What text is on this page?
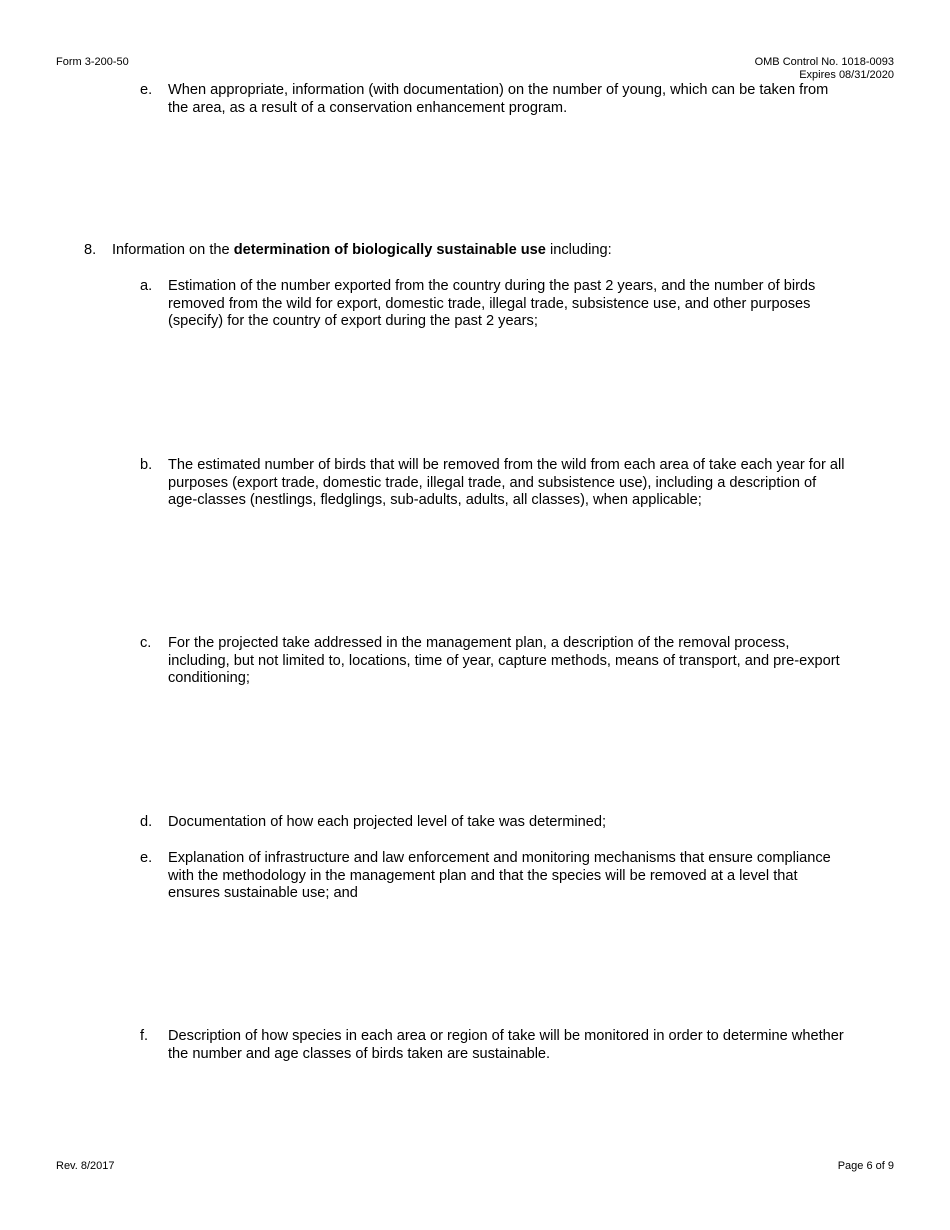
Form 3-200-50	OMB Control No. 1018-0093
Expires 08/31/2020
e. When appropriate, information (with documentation) on the number of young, which can be taken from the area, as a result of a conservation enhancement program.
8. Information on the determination of biologically sustainable use including:
a. Estimation of the number exported from the country during the past 2 years, and the number of birds removed from the wild for export, domestic trade, illegal trade, subsistence use, and other purposes (specify) for the country of export during the past 2 years;
b. The estimated number of birds that will be removed from the wild from each area of take each year for all purposes (export trade, domestic trade, illegal trade, and subsistence use), including a description of age-classes (nestlings, fledglings, sub-adults, adults, all classes), when applicable;
c. For the projected take addressed in the management plan, a description of the removal process, including, but not limited to, locations, time of year, capture methods, means of transport, and pre-export conditioning;
d. Documentation of how each projected level of take was determined;
e. Explanation of infrastructure and law enforcement and monitoring mechanisms that ensure compliance with the methodology in the management plan and that the species will be removed at a level that ensures sustainable use; and
f. Description of how species in each area or region of take will be monitored in order to determine whether the number and age classes of birds taken are sustainable.
Rev. 8/2017	Page 6 of 9
